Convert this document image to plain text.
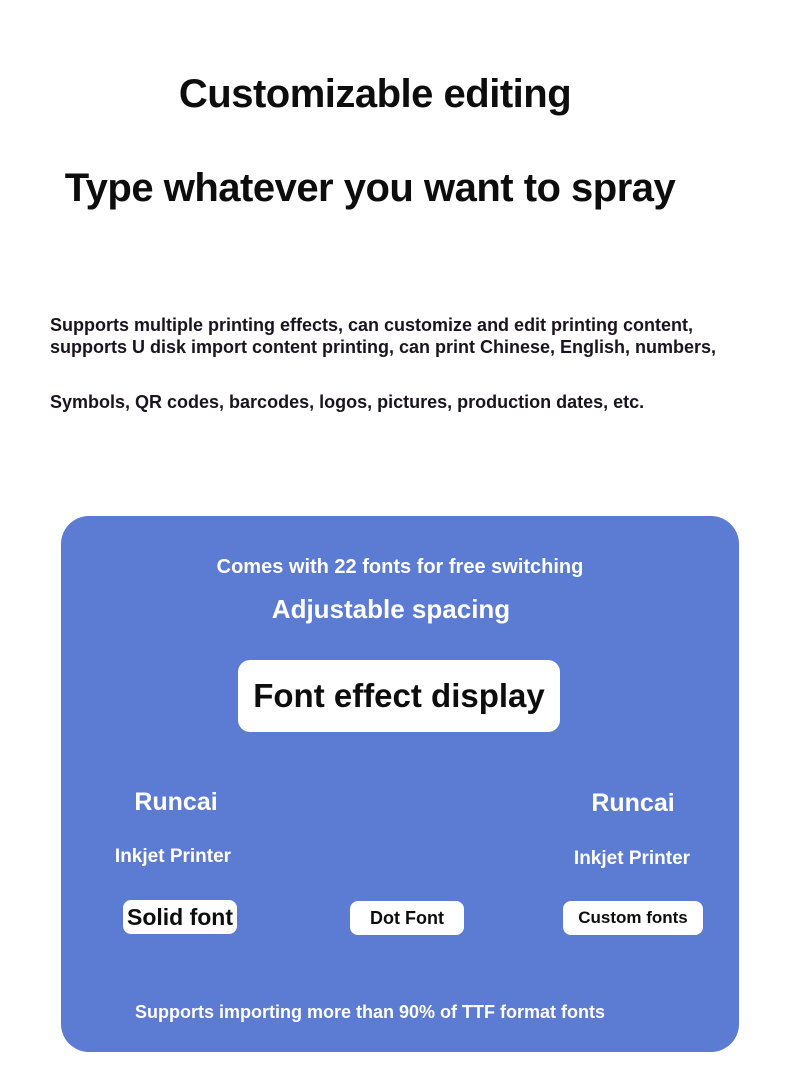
Customizable editing
Type whatever you want to spray
Supports multiple printing effects, can customize and edit printing content,
supports U disk import content printing, can print Chinese, English, numbers,
Symbols, QR codes, barcodes, logos, pictures, production dates, etc.
Comes with 22 fonts for free switching
Adjustable spacing
Font effect display
Runcai
Inkjet Printer
Runcai
Inkjet Printer
Solid font	Dot Font	Custom fonts
Supports importing more than 90% of TTF format fonts
